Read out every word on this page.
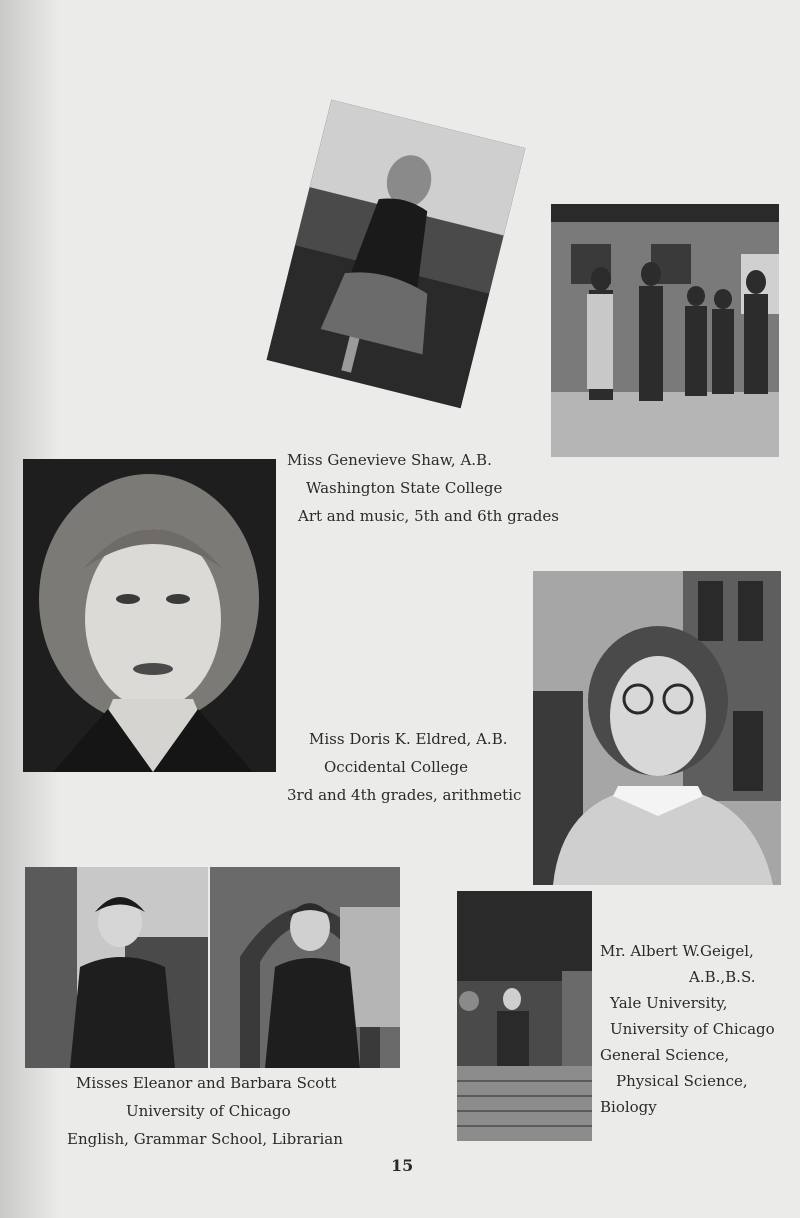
Miss Genevieve Shaw, A.B.
Washington State College
Art and music, 5th and 6th grades
Miss Doris K. Eldred, A.B.
Occidental College
3rd and 4th grades, arithmetic
Misses Eleanor and Barbara Scott
University of Chicago
English, Grammar School, Librarian
Mr. Albert W.Geigel,
A.B.,B.S.
Yale University,
University of Chicago
General Science,
Physical Science,
Biology
15
